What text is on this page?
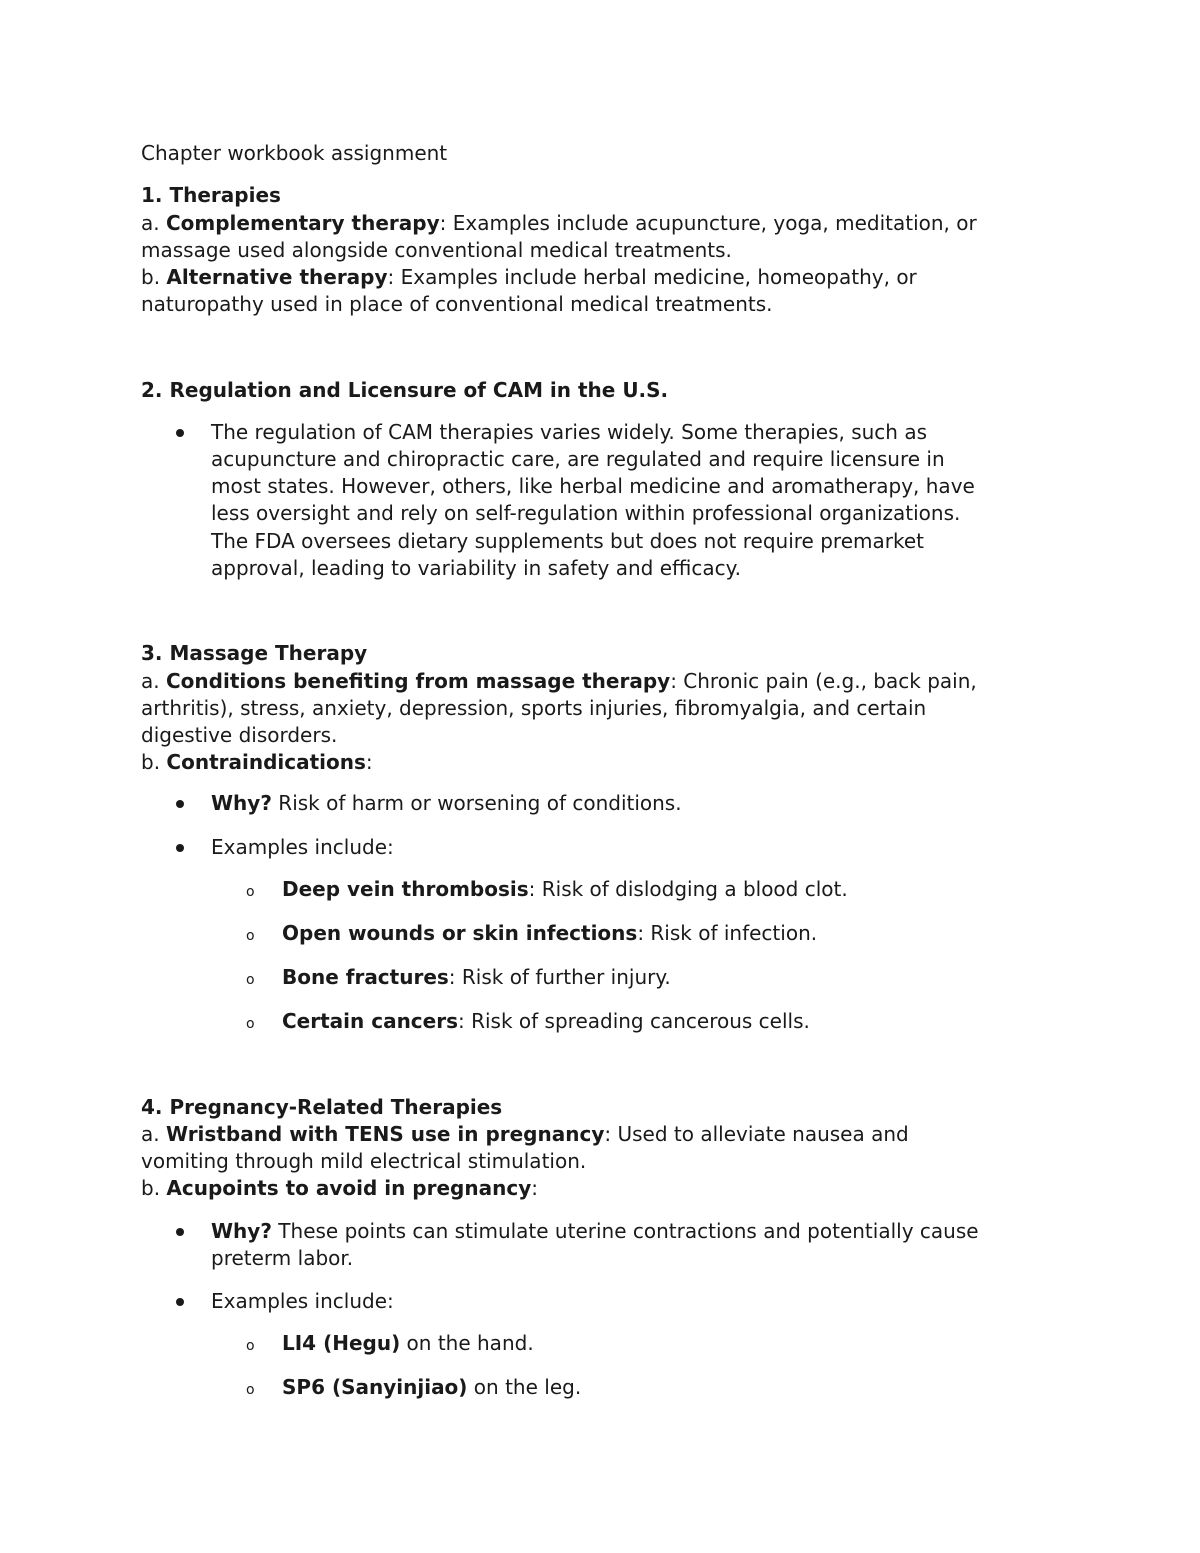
Chapter workbook assignment
1. Therapies
a. Complementary therapy: Examples include acupuncture, yoga, meditation, or
massage used alongside conventional medical treatments.
b. Alternative therapy: Examples include herbal medicine, homeopathy, or
naturopathy used in place of conventional medical treatments.
2. Regulation and Licensure of CAM in the U.S.
The regulation of CAM therapies varies widely. Some therapies, such as
acupuncture and chiropractic care, are regulated and require licensure in
most states. However, others, like herbal medicine and aromatherapy, have
less oversight and rely on self-regulation within professional organizations.
The FDA oversees dietary supplements but does not require premarket
approval, leading to variability in safety and efficacy.
3. Massage Therapy
a. Conditions benefiting from massage therapy: Chronic pain (e.g., back pain,
arthritis), stress, anxiety, depression, sports injuries, fibromyalgia, and certain
digestive disorders.
b. Contraindications:
Why? Risk of harm or worsening of conditions.
Examples include:
o Deep vein thrombosis: Risk of dislodging a blood clot.
o Open wounds or skin infections: Risk of infection.
o Bone fractures: Risk of further injury.
o Certain cancers: Risk of spreading cancerous cells.
4. Pregnancy-Related Therapies
a. Wristband with TENS use in pregnancy: Used to alleviate nausea and
vomiting through mild electrical stimulation.
b. Acupoints to avoid in pregnancy:
Why? These points can stimulate uterine contractions and potentially cause
preterm labor.
Examples include:
o LI4 (Hegu) on the hand.
o SP6 (Sanyinjiao) on the leg.
